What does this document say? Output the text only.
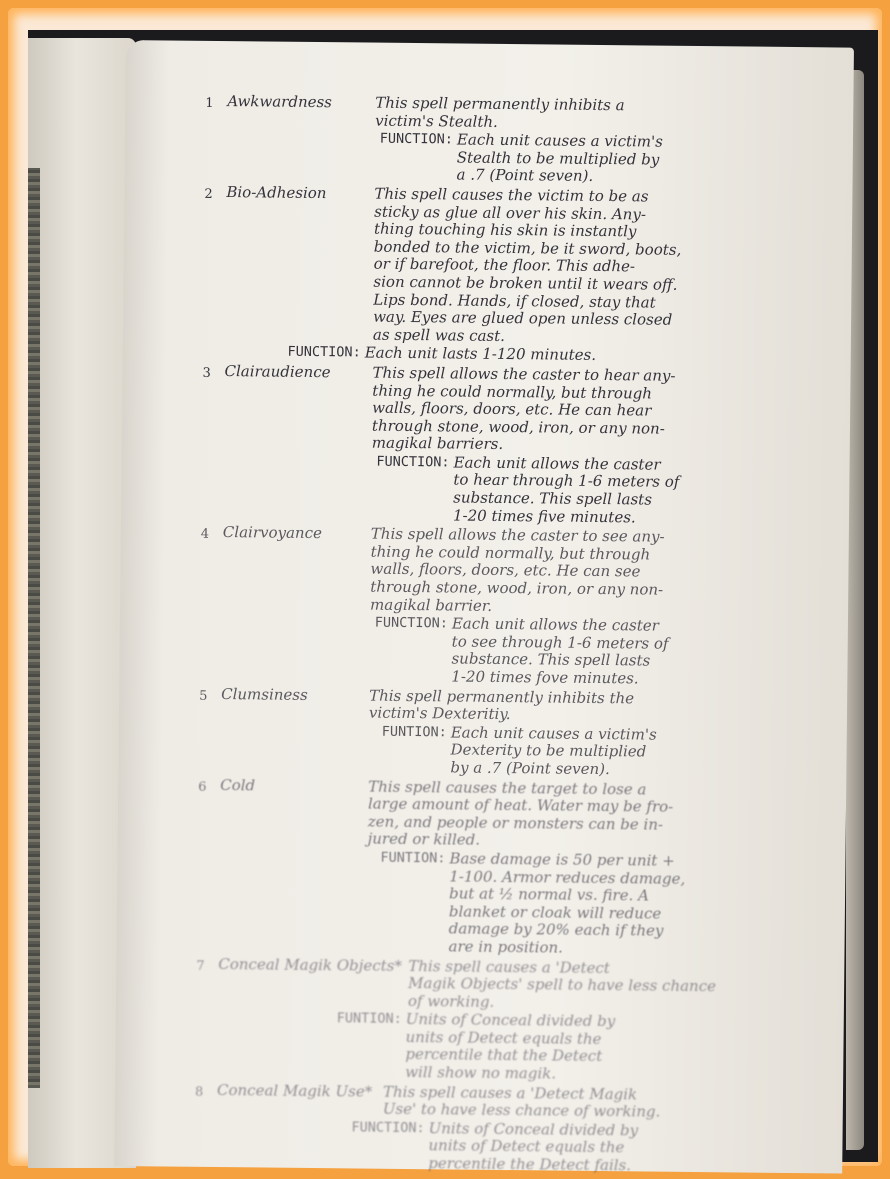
1 Awkwardness	This spell permanently inhibits a
victim's Stealth.
FUNCTION: Each unit causes a victim's
Stealth to be multiplied by
a .7 (Point seven).
2 Bio-Adhesion	This spell causes the victim to be as
sticky as glue all over his skin. Any-
thing touching his skin is instantly
bonded to the victim, be it sword, boots,
or if barefoot, the floor. This adhe-
sion cannot be broken until it wears off.
Lips bond. Hands, if closed, stay that
way. Eyes are glued open unless closed
as spell was cast.
FUNCTION: Each unit lasts 1-120 minutes.
3 Clairaudience	This spell allows the caster to hear any-
thing he could normally, but through
walls, floors, doors, etc. He can hear
through stone, wood, iron, or any non-
magikal barriers.
FUNCTION: Each unit allows the caster
to hear through 1-6 meters of
substance. This spell lasts
1-20 times five minutes.
4 Clairvoyance	This spell allows the caster to see any-
thing he could normally, but through
walls, floors, doors, etc. He can see
through stone, wood, iron, or any non-
magikal barrier.
FUNCTION: Each unit allows the caster
to see through 1-6 meters of
substance. This spell lasts
1-20 times fove minutes.
5 Clumsiness	This spell permanently inhibits the
victim's Dexteritiy.
FUNTION: Each unit causes a victim's
Dexterity to be multiplied
by a .7 (Point seven).
6 Cold	This spell causes the target to lose a
large amount of heat. Water may be fro-
zen, and people or monsters can be in-
jured or killed.
FUNTION: Base damage is 50 per unit +
1-100. Armor reduces damage,
but at ½ normal vs. fire. A
blanket or cloak will reduce
damage by 20% each if they
are in position.
7 Conceal Magik Objects* This spell causes a 'Detect
Magik Objects' spell to have less chance
of working.
FUNTION: Units of Conceal divided by
units of Detect equals the
percentile that the Detect
will show no magik.
8 Conceal Magik Use* This spell causes a 'Detect Magik
Use' to have less chance of working.
FUNCTION: Units of Conceal divided by
units of Detect equals the
percentile the Detect fails.
